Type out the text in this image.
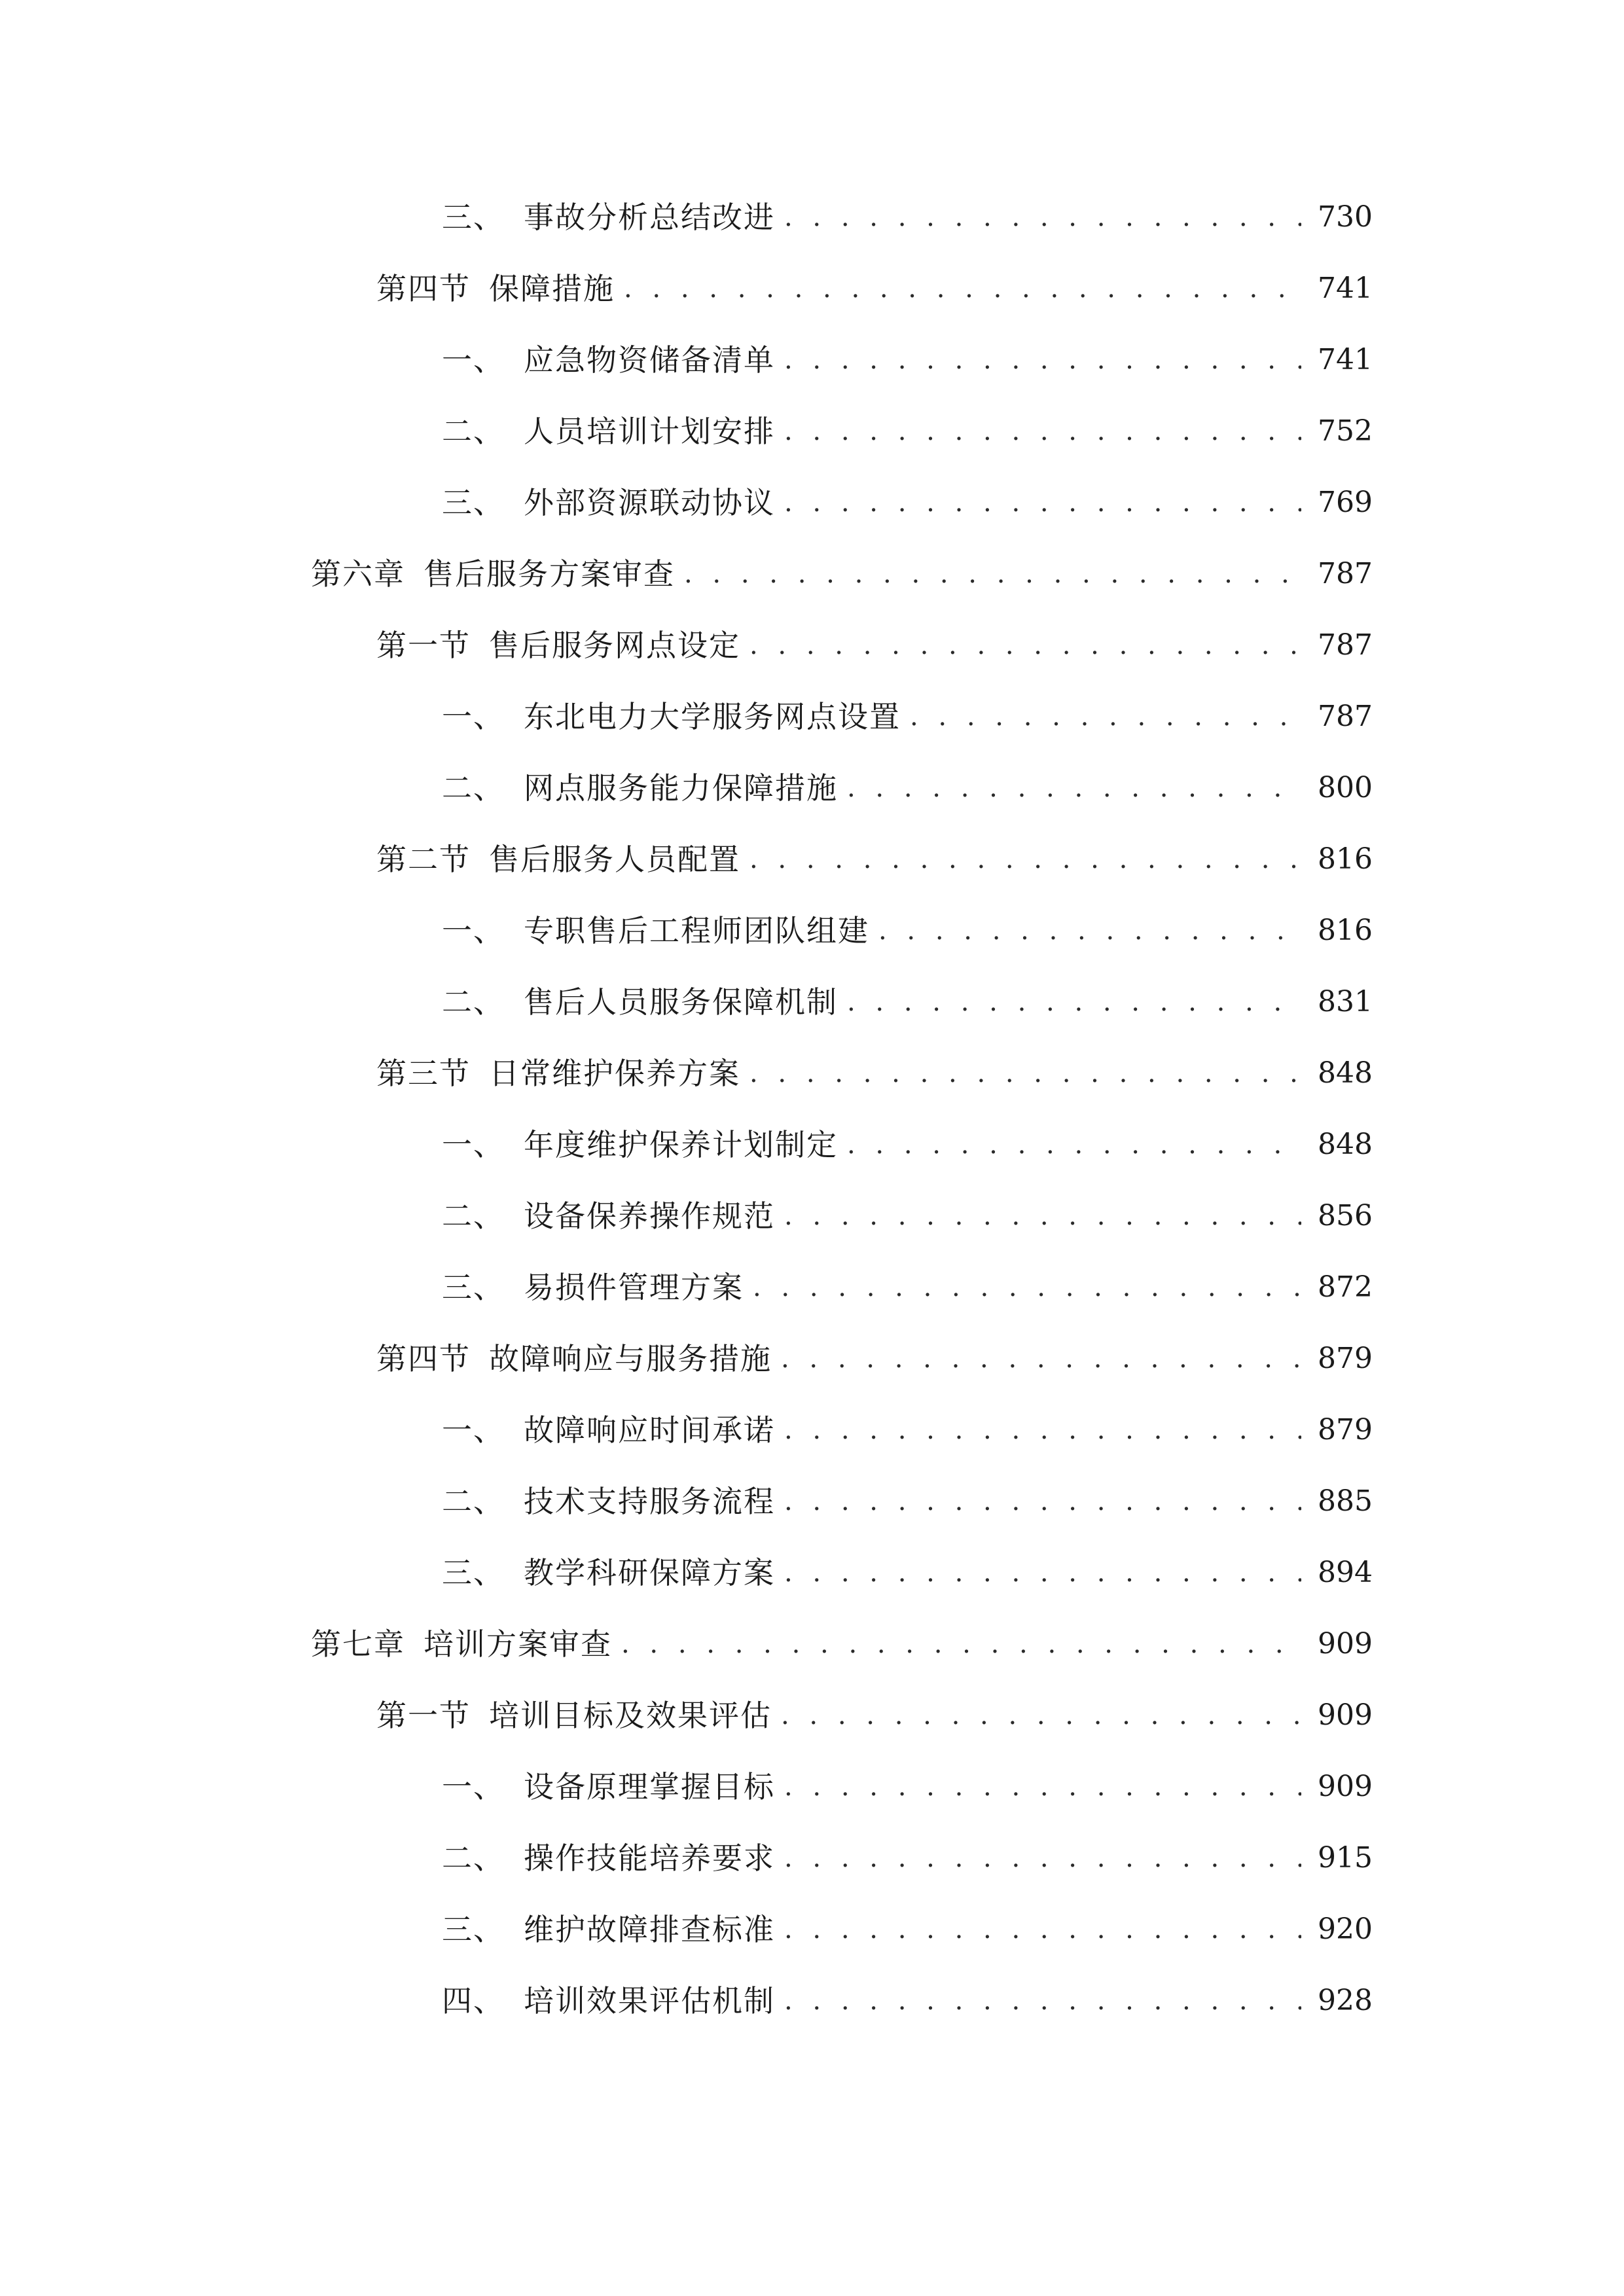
三、 事故分析总结改进 . . .	730
第四节 保障措施 . . .	741
一、 应急物资储备清单 . . .	741
二、 人员培训计划安排 . . .	752
三、 外部资源联动协议 . . .	769
第六章 售后服务方案审查 . . .	787
第一节 售后服务网点设定 . . .	787
一、 东北电力大学服务网点设置 . . .	787
二、 网点服务能力保障措施 . . .	800
第二节 售后服务人员配置 . . .	816
一、 专职售后工程师团队组建 . . .	816
二、 售后人员服务保障机制 . . .	831
第三节 日常维护保养方案 . . .	848
一、 年度维护保养计划制定 . . .	848
二、 设备保养操作规范 . . .	856
三、 易损件管理方案 . . .	872
第四节 故障响应与服务措施 . . .	879
一、 故障响应时间承诺 . . .	879
二、 技术支持服务流程 . . .	885
三、 教学科研保障方案 . . .	894
第七章 培训方案审查 . . .	909
第一节 培训目标及效果评估 . . .	909
一、 设备原理掌握目标 . . .	909
二、 操作技能培养要求 . . .	915
三、 维护故障排查标准 . . .	920
四、 培训效果评估机制 . . .	928
